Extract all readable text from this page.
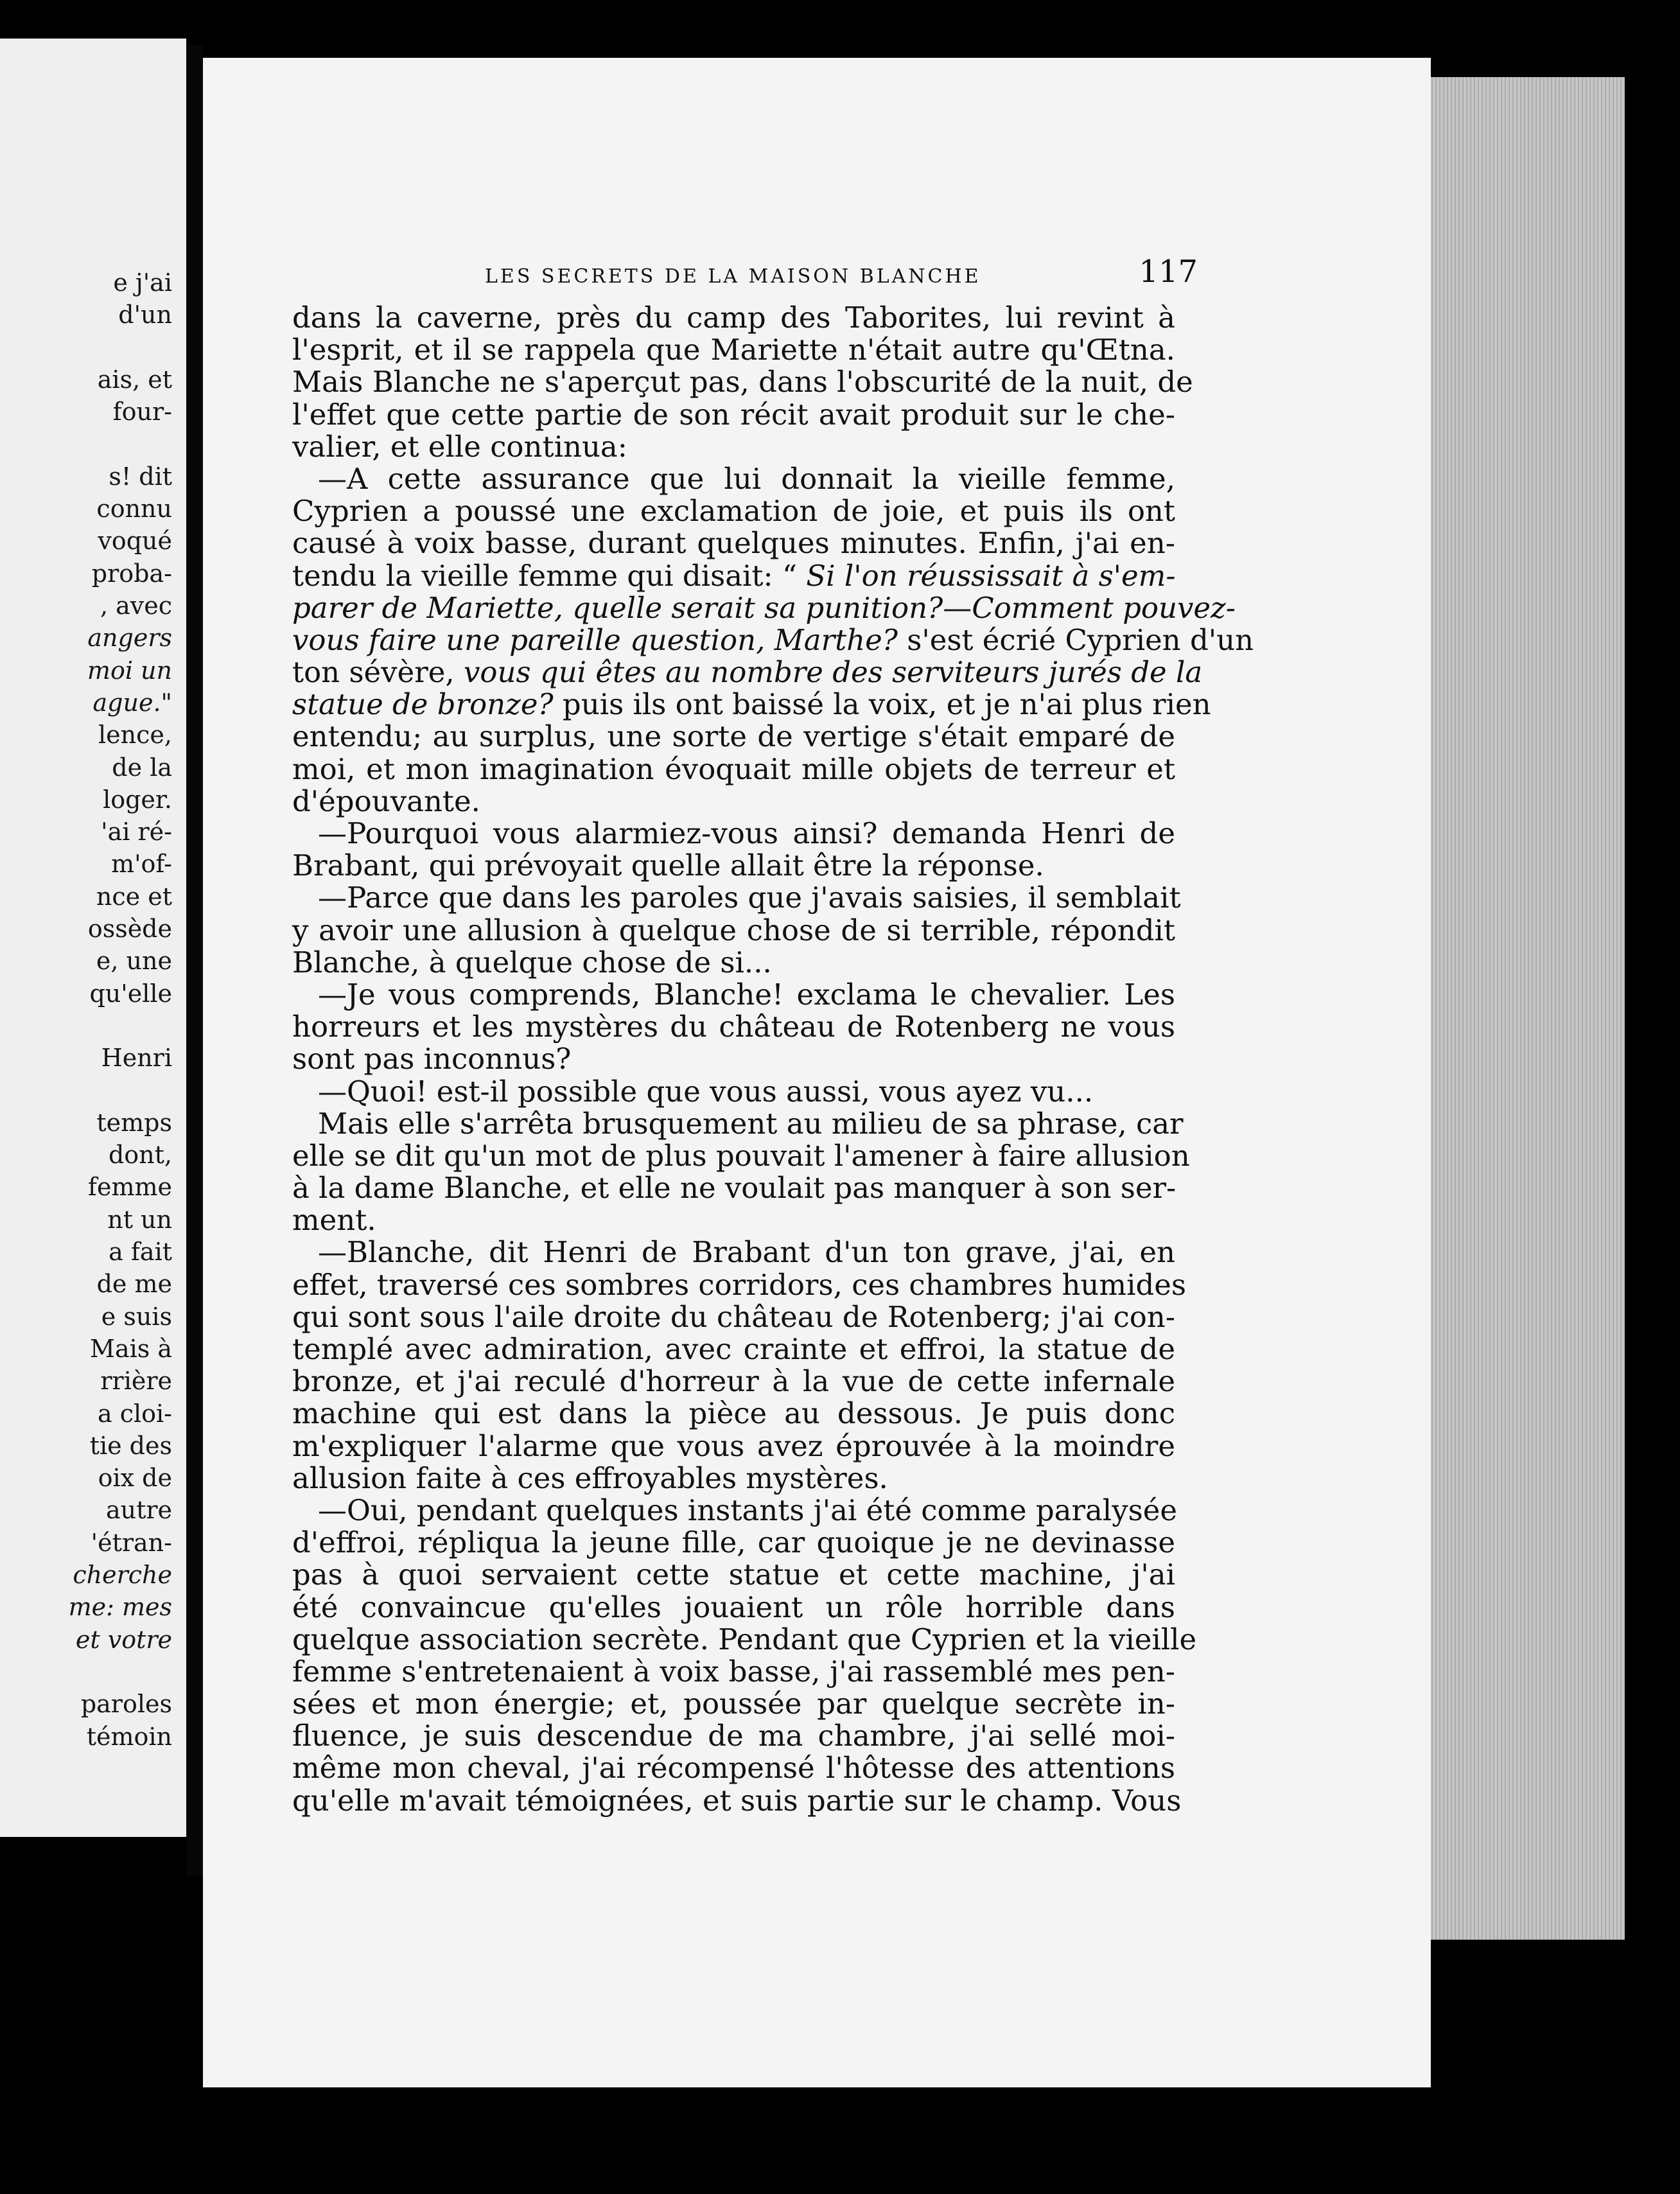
e j'ai
d'un
ais, et
four-
s! dit
connu
voqué
proba-
, avec
angers
moi un
ague."
lence,
de la
loger.
'ai ré-
m'of-
nce et
ossède
e, une
qu'elle
Henri
temps
dont,
femme
nt un
a fait
de me
e suis
Mais à
rrière
a cloi-
tie des
oix de
autre
'étran-
cherche
me: mes
et votre
paroles
témoin
LES SECRETS DE LA MAISON BLANCHE	117
dans la caverne, près du camp des Taborites, lui revint à
l'esprit, et il se rappela que Mariette n'était autre qu'Œtna.
Mais Blanche ne s'aperçut pas, dans l'obscurité de la nuit, de
l'effet que cette partie de son récit avait produit sur le che-
valier, et elle continua:
—A cette assurance que lui donnait la vieille femme,
Cyprien a poussé une exclamation de joie, et puis ils ont
causé à voix basse, durant quelques minutes. Enfin, j'ai en-
tendu la vieille femme qui disait: “ Si l'on réussissait à s'em-
parer de Mariette, quelle serait sa punition?—Comment pouvez-
vous faire une pareille question, Marthe? s'est écrié Cyprien d'un
ton sévère, vous qui êtes au nombre des serviteurs jurés de la
statue de bronze? puis ils ont baissé la voix, et je n'ai plus rien
entendu; au surplus, une sorte de vertige s'était emparé de
moi, et mon imagination évoquait mille objets de terreur et
d'épouvante.
—Pourquoi vous alarmiez-vous ainsi? demanda Henri de
Brabant, qui prévoyait quelle allait être la réponse.
—Parce que dans les paroles que j'avais saisies, il semblait
y avoir une allusion à quelque chose de si terrible, répondit
Blanche, à quelque chose de si...
—Je vous comprends, Blanche! exclama le chevalier. Les
horreurs et les mystères du château de Rotenberg ne vous
sont pas inconnus?
—Quoi! est-il possible que vous aussi, vous ayez vu...
Mais elle s'arrêta brusquement au milieu de sa phrase, car
elle se dit qu'un mot de plus pouvait l'amener à faire allusion
à la dame Blanche, et elle ne voulait pas manquer à son ser-
ment.
—Blanche, dit Henri de Brabant d'un ton grave, j'ai, en
effet, traversé ces sombres corridors, ces chambres humides
qui sont sous l'aile droite du château de Rotenberg; j'ai con-
templé avec admiration, avec crainte et effroi, la statue de
bronze, et j'ai reculé d'horreur à la vue de cette infernale
machine qui est dans la pièce au dessous. Je puis donc
m'expliquer l'alarme que vous avez éprouvée à la moindre
allusion faite à ces effroyables mystères.
—Oui, pendant quelques instants j'ai été comme paralysée
d'effroi, répliqua la jeune fille, car quoique je ne devinasse
pas à quoi servaient cette statue et cette machine, j'ai
été convaincue qu'elles jouaient un rôle horrible dans
quelque association secrète. Pendant que Cyprien et la vieille
femme s'entretenaient à voix basse, j'ai rassemblé mes pen-
sées et mon énergie; et, poussée par quelque secrète in-
fluence, je suis descendue de ma chambre, j'ai sellé moi-
même mon cheval, j'ai récompensé l'hôtesse des attentions
qu'elle m'avait témoignées, et suis partie sur le champ. Vous
